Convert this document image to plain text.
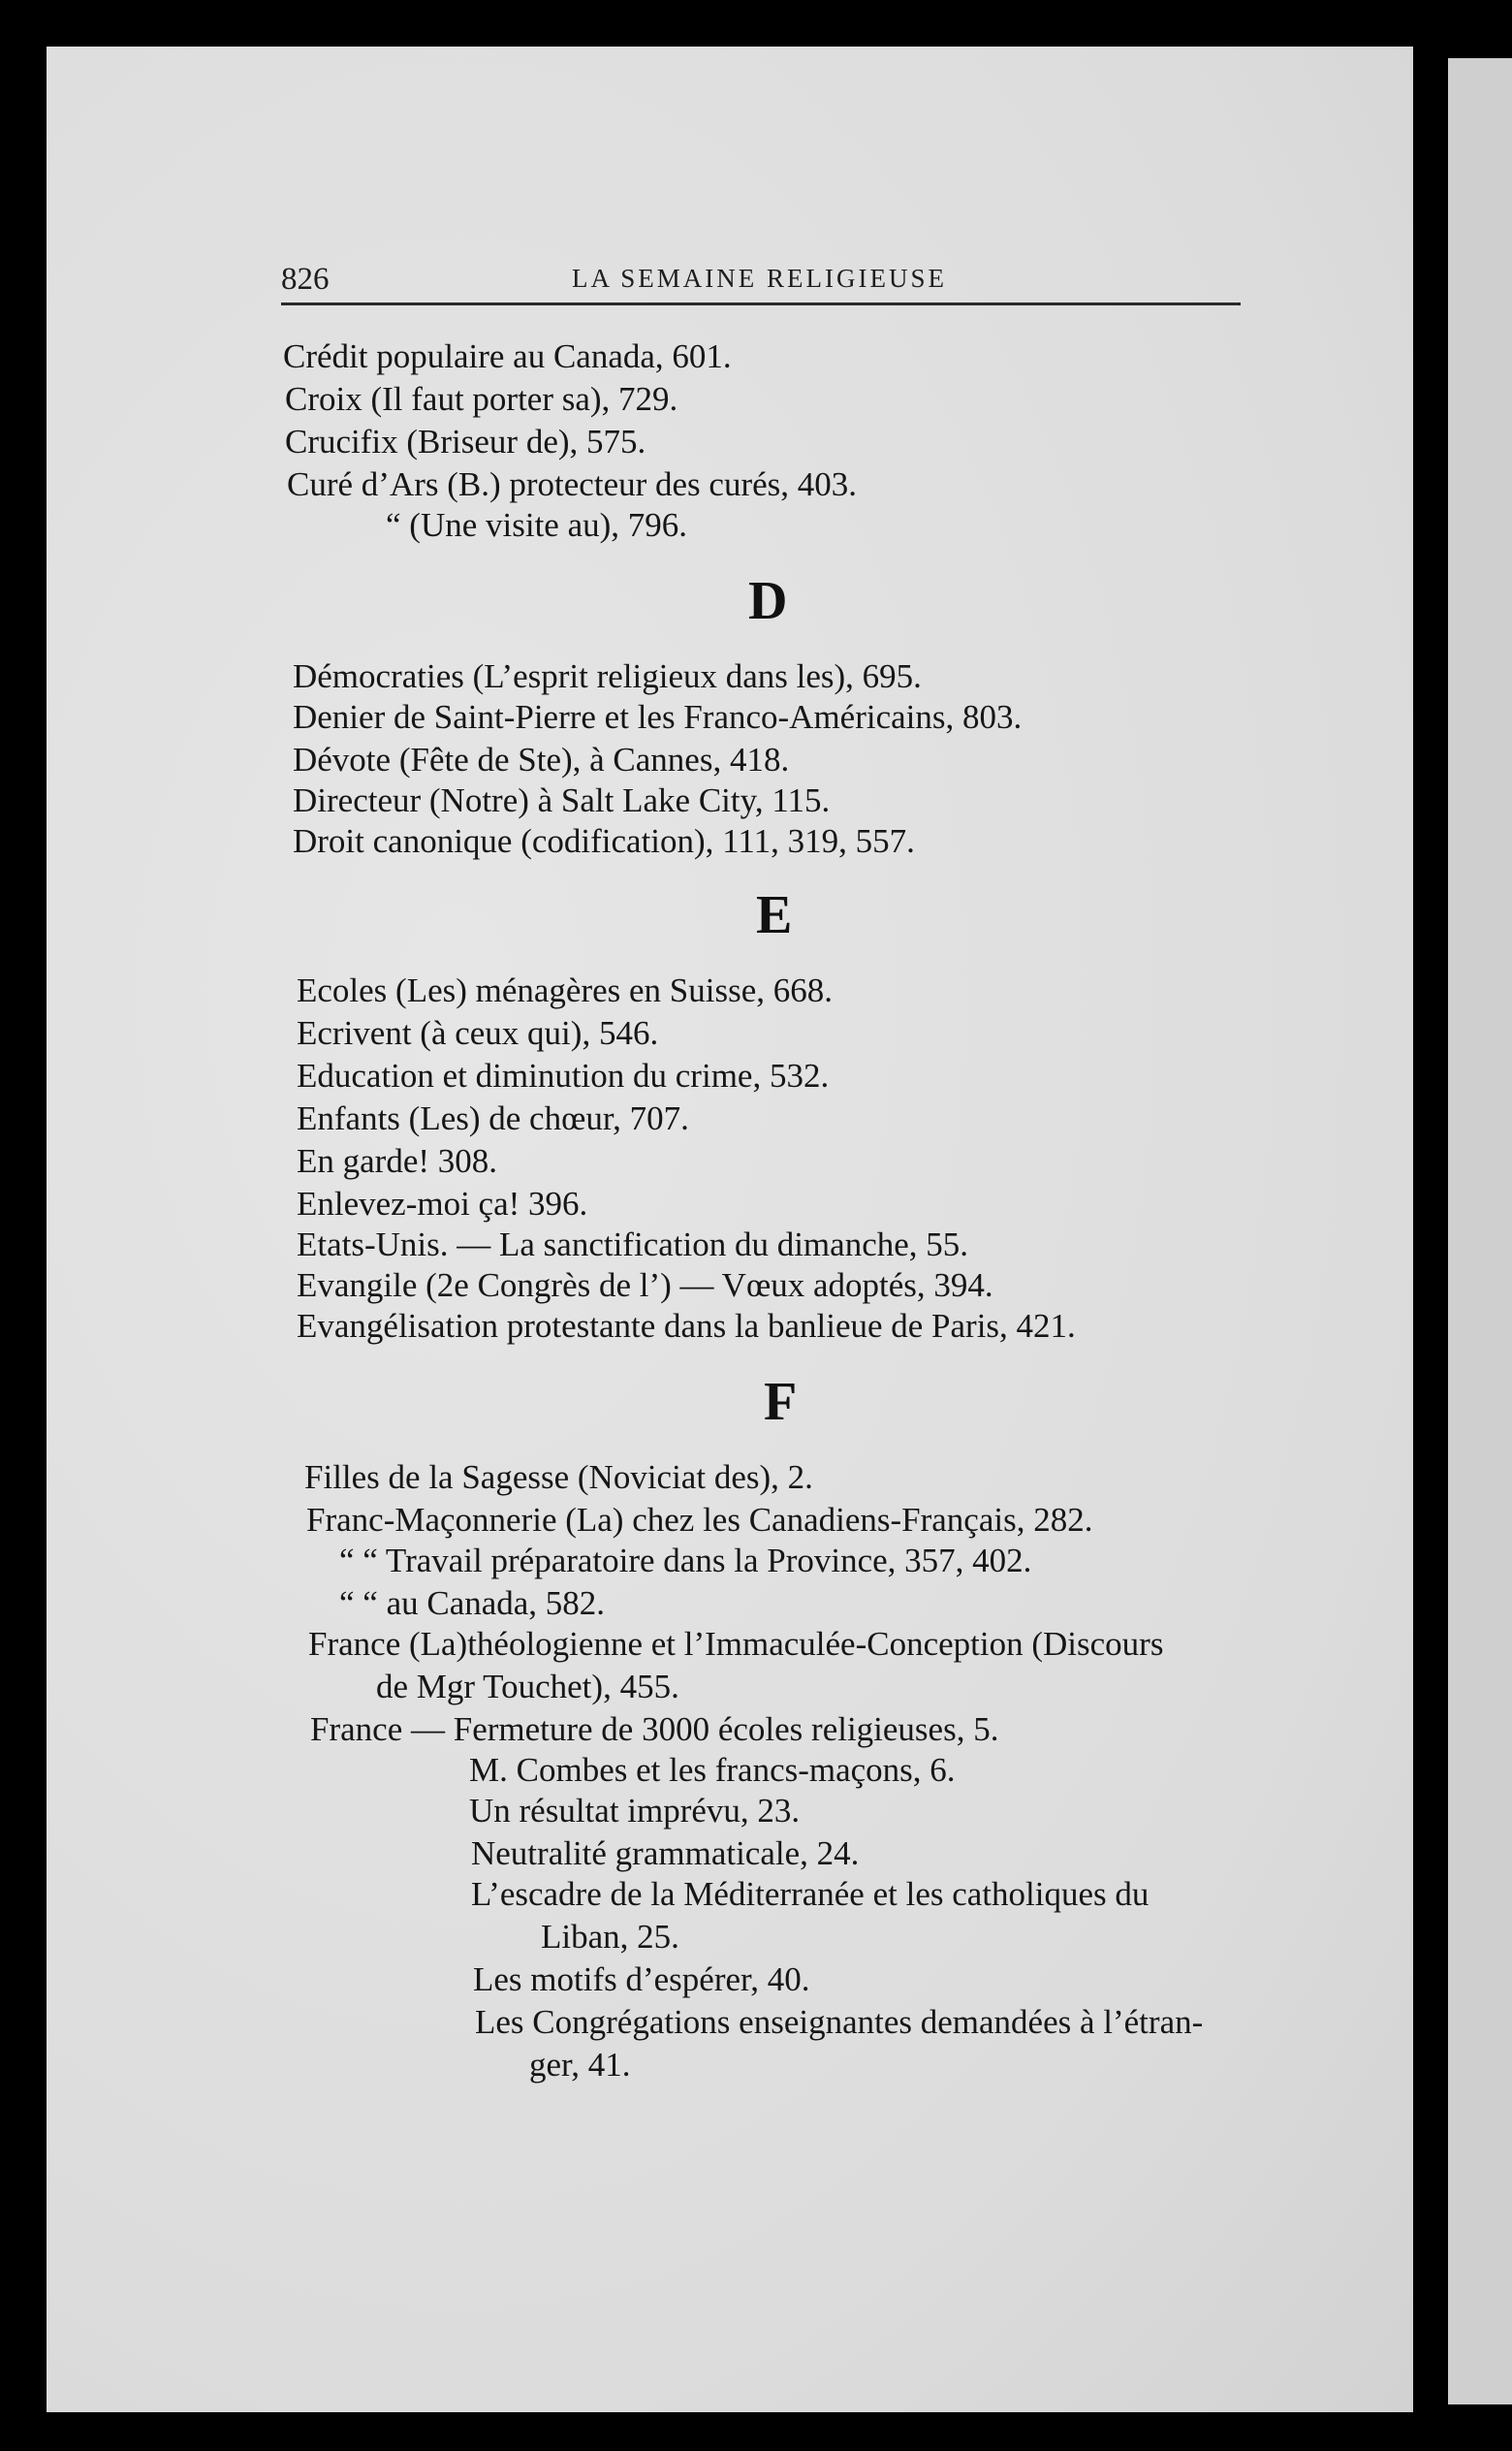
826	LA SEMAINE RELIGIEUSE
Crédit populaire au Canada, 601.
Croix (Il faut porter sa), 729.
Crucifix (Briseur de), 575.
Curé d’Ars (B.) protecteur des curés, 403.
“ (Une visite au), 796.
D
Démocraties (L’esprit religieux dans les), 695.
Denier de Saint-Pierre et les Franco-Américains, 803.
Dévote (Fête de Ste), à Cannes, 418.
Directeur (Notre) à Salt Lake City, 115.
Droit canonique (codification), 111, 319, 557.
E
Ecoles (Les) ménagères en Suisse, 668.
Ecrivent (à ceux qui), 546.
Education et diminution du crime, 532.
Enfants (Les) de chœur, 707.
En garde! 308.
Enlevez-moi ça! 396.
Etats-Unis. — La sanctification du dimanche, 55.
Evangile (2e Congrès de l’) — Vœux adoptés, 394.
Evangélisation protestante dans la banlieue de Paris, 421.
F
Filles de la Sagesse (Noviciat des), 2.
Franc-Maçonnerie (La) chez les Canadiens-Français, 282.
“ “ Travail préparatoire dans la Province, 357, 402.
“ “ au Canada, 582.
France (La)théologienne et l’Immaculée-Conception (Discours
de Mgr Touchet), 455.
France — Fermeture de 3000 écoles religieuses, 5.
M. Combes et les francs-maçons, 6.
Un résultat imprévu, 23.
Neutralité grammaticale, 24.
L’escadre de la Méditerranée et les catholiques du
Liban, 25.
Les motifs d’espérer, 40.
Les Congrégations enseignantes demandées à l’étran-
ger, 41.
